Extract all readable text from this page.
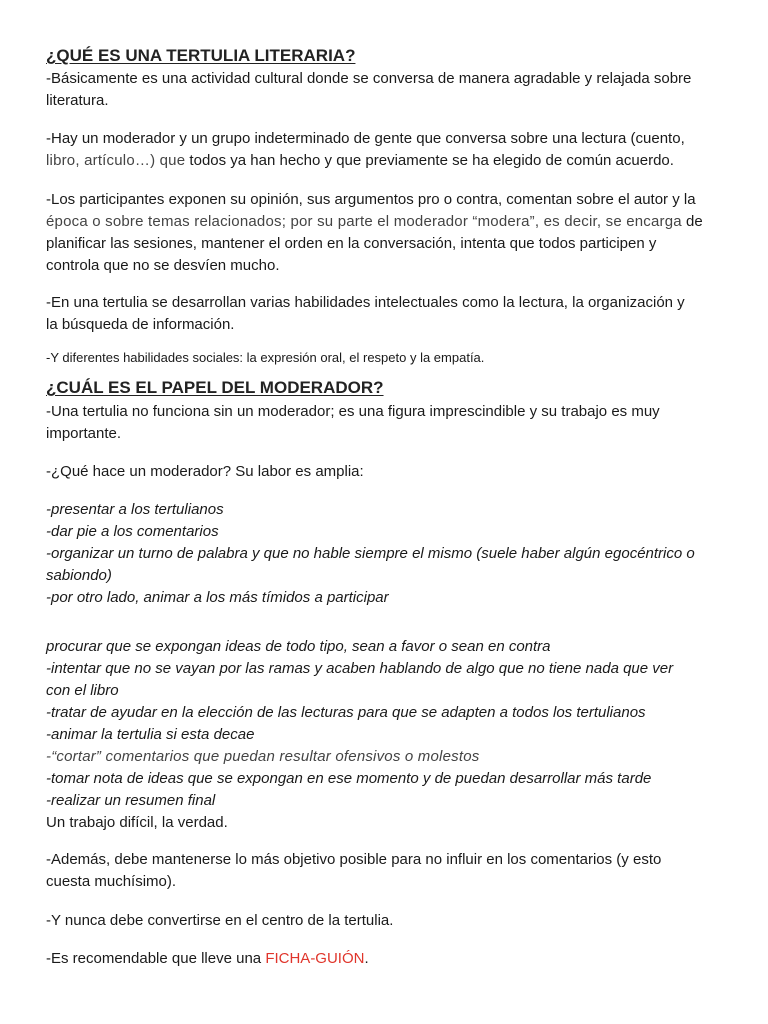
¿QUÉ ES UNA TERTULIA LITERARIA?
-Básicamente es una actividad cultural donde se conversa de manera agradable y relajada sobre
literatura.
-Hay un moderador y un grupo indeterminado de gente que conversa sobre una lectura (cuento,
libro, artículo…) que todos ya han hecho y que previamente se ha elegido de común acuerdo.
-Los participantes exponen su opinión, sus argumentos pro o contra, comentan sobre el autor y la
época o sobre temas relacionados; por su parte el moderador “modera”, es decir, se encarga de
planificar las sesiones, mantener el orden en la conversación, intenta que todos participen y
controla que no se desvíen mucho.
-En una tertulia se desarrollan varias habilidades intelectuales como la lectura, la organización y
la búsqueda de información.
-Y diferentes habilidades sociales: la expresión oral, el respeto y la empatía.
¿CUÁL ES EL PAPEL DEL MODERADOR?
-Una tertulia no funciona sin un moderador; es una figura imprescindible y su trabajo es muy
importante.
-¿Qué hace un moderador? Su labor es amplia:
-presentar a los tertulianos
-dar pie a los comentarios
-organizar un turno de palabra y que no hable siempre el mismo (suele haber algún egocéntrico o
sabiondo)
-por otro lado, animar a los más tímidos a participar
procurar que se expongan ideas de todo tipo, sean a favor o sean en contra
-intentar que no se vayan por las ramas y acaben hablando de algo que no tiene nada que ver
con el libro
-tratar de ayudar en la elección de las lecturas para que se adapten a todos los tertulianos
-animar la tertulia si esta decae
-“cortar” comentarios que puedan resultar ofensivos o molestos
-tomar nota de ideas que se expongan en ese momento y de puedan desarrollar más tarde
-realizar un resumen final
Un trabajo difícil, la verdad.
-Además, debe mantenerse lo más objetivo posible para no influir en los comentarios (y esto
cuesta muchísimo).
-Y nunca debe convertirse en el centro de la tertulia.
-Es recomendable que lleve una FICHA-GUIÓN.
